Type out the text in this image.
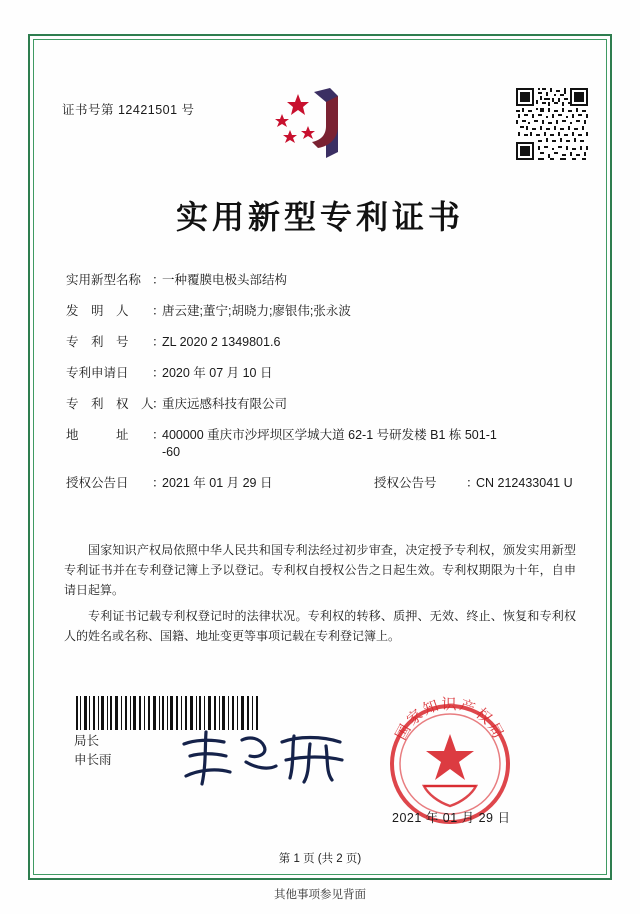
证书号第 12421501 号
实用新型专利证书
实用新型名称 ：
一种覆膜电极头部结构
发　明　人	：
唐云建;董宁;胡晓力;廖银伟;张永波
专　利　号	：
ZL 2020 2 1349801.6
专利申请日	：
2020 年 07 月 10 日
专　利　权　人
：
重庆远感科技有限公司
地　　　址	：
400000 重庆市沙坪坝区学城大道 62-1 号研发楼 B1 栋 501-1
-60
授权公告日	：
2021 年 01 月 29 日	授权公告号	：
CN 212433041 U

国家知识产权局依照中华人民共和国专利法经过初步审查，决定授予专利权，颁发实用新型专利证书并在专利登记簿上予以登记。专利权自授权公告之日起生效。专利权期限为十年，自申请日起算。

专利证书记载专利权登记时的法律状况。专利权的转移、质押、无效、终止、恢复和专利权人的姓名或名称、国籍、地址变更等事项记载在专利登记簿上。

局长
申长雨
国家知识产权局
2021 年 01 月 29 日
第 1 页 (共 2 页)
其他事项参见背面
